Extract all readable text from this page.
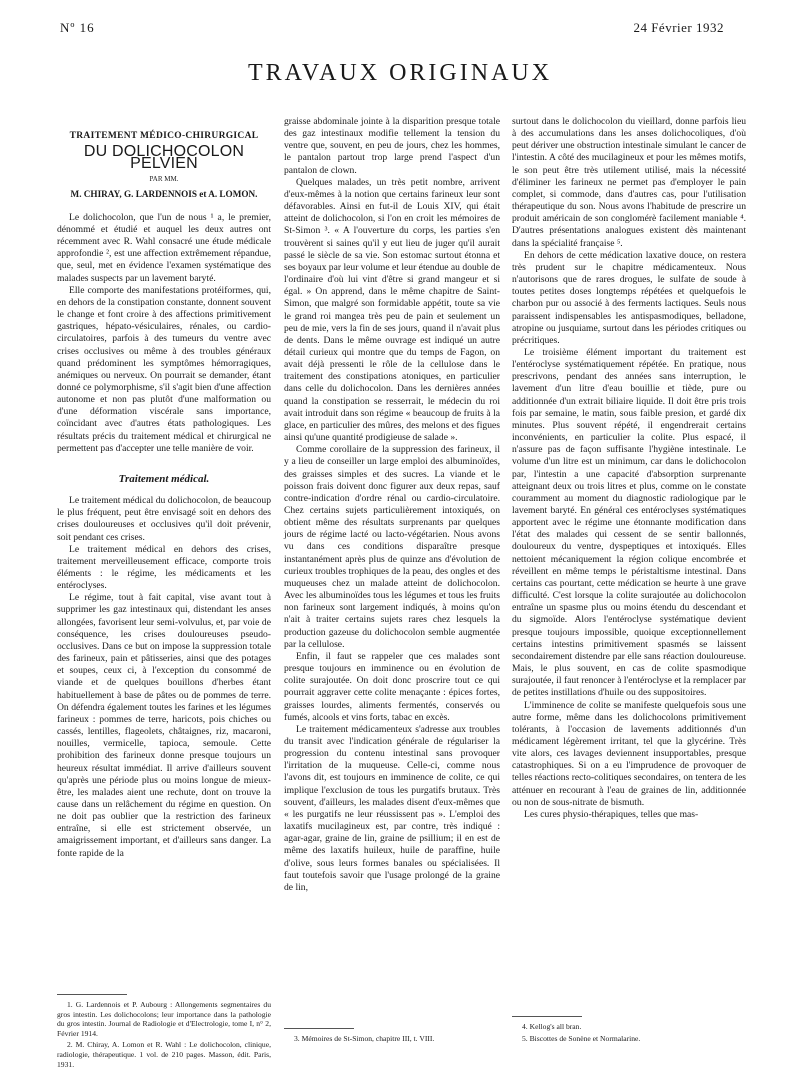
Nº 16	24 Février 1932
TRAVAUX ORIGINAUX

TRAITEMENT MÉDICO-CHIRURGICAL

DU DOLICHOCOLON PELVIEN

PAR MM.

M. CHIRAY, G. LARDENNOIS et A. LOMON.

Le dolichocolon, que l'un de nous ¹ a, le premier, dénommé et étudié et auquel les deux autres ont récemment avec R. Wahl consacré une étude médicale approfondie ², est une affection extrêmement répandue, que, seul, met en évidence l'examen systématique des malades suspects par un lavement baryté.

Elle comporte des manifestations protéiformes, qui, en dehors de la constipation constante, donnent souvent le change et font croire à des affections primitivement gastriques, hépato-vésiculaires, rénales, ou cardio-circulatoires, parfois à des tumeurs du ventre avec crises occlusives ou même à des troubles généraux quand prédominent les symptômes hémorragiques, anémiques ou nerveux. On pourrait se demander, étant donné ce polymorphisme, s'il s'agit bien d'une affection autonome et non pas plutôt d'une malformation ou d'une déformation viscérale sans importance, coïncidant avec d'autres états pathologiques. Les résultats précis du traitement médical et chirurgical ne permettent pas d'accepter une telle manière de voir.

Traitement médical.

Le traitement médical du dolichocolon, de beaucoup le plus fréquent, peut être envisagé soit en dehors des crises douloureuses et occlusives qu'il doit prévenir, soit pendant ces crises.

Le traitement médical en dehors des crises, traitement merveilleusement efficace, comporte trois éléments : le régime, les médicaments et les entéroclyses.

Le régime, tout à fait capital, vise avant tout à supprimer les gaz intestinaux qui, distendant les anses allongées, favorisent leur semi-volvulus, et, par voie de conséquence, les crises douloureuses pseudo-occlusives. Dans ce but on impose la suppression totale des farineux, pain et pâtisseries, ainsi que des potages et soupes, ceux ci, à l'exception du consommé de viande et de quelques bouillons d'herbes étant habituellement à base de pâtes ou de pommes de terre. On défendra également toutes les farines et les légumes farineux : pommes de terre, haricots, pois chiches ou cassés, lentilles, flageolets, châtaignes, riz, macaroni, nouilles, vermicelle, tapioca, semoule. Cette prohibition des farineux donne presque toujours un heureux résultat immédiat. Il arrive d'ailleurs souvent qu'après une période plus ou moins longue de mieux-être, les malades aient une rechute, dont on trouve la cause dans un relâchement du régime en question. On ne doit pas oublier que la restriction des farineux entraîne, si elle est strictement observée, un amaigrissement important, et d'ailleurs sans danger. La fonte rapide de la

graisse abdominale jointe à la disparition presque totale des gaz intestinaux modifie tellement la tension du ventre que, souvent, en peu de jours, chez les hommes, le pantalon partout trop large prend l'aspect d'un pantalon de clown.

Quelques malades, un très petit nombre, arrivent d'eux-mêmes à la notion que certains farineux leur sont défavorables. Ainsi en fut-il de Louis XIV, qui était atteint de dolichocolon, si l'on en croit les mémoires de St-Simon ³. « A l'ouverture du corps, les parties s'en trouvèrent si saines qu'il y eut lieu de juger qu'il aurait passé le siècle de sa vie. Son estomac surtout étonna et ses boyaux par leur volume et leur étendue au double de l'ordinaire d'où lui vint d'être si grand mangeur et si égal. » On apprend, dans le même chapitre de Saint-Simon, que malgré son formidable appétit, toute sa vie le grand roi mangea très peu de pain et seulement un peu de mie, vers la fin de ses jours, quand il n'avait plus de dents. Dans le même ouvrage est indiqué un autre détail curieux qui montre que du temps de Fagon, on avait déjà pressenti le rôle de la cellulose dans le traitement des constipations atoniques, en particulier dans celle du dolichocolon. Dans les dernières années quand la constipation se resserrait, le médecin du roi avait introduit dans son régime « beaucoup de fruits à la glace, en particulier des mûres, des melons et des figues ainsi qu'une quantité prodigieuse de salade ».

Comme corollaire de la suppression des farineux, il y a lieu de conseiller un large emploi des albuminoïdes, des graisses simples et des sucres. La viande et le poisson frais doivent donc figurer aux deux repas, sauf contre-indication d'ordre rénal ou cardio-circulatoire. Chez certains sujets particulièrement intoxiqués, on obtient même des résultats surprenants par quelques jours de régime lacté ou lacto-végétarien. Nous avons vu dans ces conditions disparaître presque instantanément après plus de quinze ans d'évolution de curieux troubles trophiques de la peau, des ongles et des muqueuses chez un malade atteint de dolichocolon. Avec les albuminoïdes tous les légumes et tous les fruits non farineux sont largement indiqués, à moins qu'on n'ait à traiter certains sujets rares chez lesquels la production gazeuse du dolichocolon semble augmentée par la cellulose.

Enfin, il faut se rappeler que ces malades sont presque toujours en imminence ou en évolution de colite surajoutée. On doit donc proscrire tout ce qui pourrait aggraver cette colite menaçante : épices fortes, graisses lourdes, aliments fermentés, conservés ou fumés, alcools et vins forts, tabac en excès.

Le traitement médicamenteux s'adresse aux troubles du transit avec l'indication générale de régulariser la progression du contenu intestinal sans provoquer l'irritation de la muqueuse. Celle-ci, comme nous l'avons dit, est toujours en imminence de colite, ce qui implique l'exclusion de tous les purgatifs brutaux. Très souvent, d'ailleurs, les malades disent d'eux-mêmes que « les purgatifs ne leur réussissent pas ». L'emploi des laxatifs mucilagineux est, par contre, très indiqué : agar-agar, graine de lin, graine de psillium; il en est de même des laxatifs huileux, huile de paraffine, huile d'olive, sous leurs formes banales ou spécialisées. Il faut toutefois savoir que l'usage prolongé de la graine de lin,

surtout dans le dolichocolon du vieillard, donne parfois lieu à des accumulations dans les anses dolichocoliques, d'où peut dériver une obstruction intestinale simulant le cancer de l'intestin. A côté des mucilagineux et pour les mêmes motifs, le son peut être très utilement utilisé, mais la nécessité d'éliminer les farineux ne permet pas d'employer le pain complet, si commode, dans d'autres cas, pour l'utilisation thérapeutique du son. Nous avons l'habitude de prescrire un produit américain de son conglomérè facilement maniable ⁴. D'autres présentations analogues existent dès maintenant dans la spécialité française ⁵.

En dehors de cette médication laxative douce, on restera très prudent sur le chapitre médicamenteux. Nous n'autorisons que de rares drogues, le sulfate de soude à toutes petites doses longtemps répétées et quelquefois le charbon pur ou associé à des ferments lactiques. Seuls nous paraissent indispensables les antispasmodiques, belladone, atropine ou jusquiame, surtout dans les périodes critiques ou précritiques.

Le troisième élément important du traitement est l'entéroclyse systématiquement répétée. En pratique, nous prescrivons, pendant des années sans interruption, le lavement d'un litre d'eau bouillie et tiède, pure ou additionnée d'un extrait biliaire liquide. Il doit être pris trois fois par semaine, le matin, sous faible presion, et gardé dix minutes. Plus souvent répété, il engendrerait certains inconvénients, en particulier la colite. Plus espacé, il n'assure pas de façon suffisante l'hygiène intestinale. Le volume d'un litre est un minimum, car dans le dolichocolon par, l'intestin a une capacité d'absorption surprenante atteignant deux ou trois litres et plus, comme on le constate couramment au moment du diagnostic radiologique par le lavement baryté. En général ces entéroclyses systématiques apportent avec le régime une étonnante modification dans l'état des malades qui cessent de se sentir ballonnés, douloureux du ventre, dyspeptiques et intoxiqués. Elles nettoient mécaniquement la région colique encombrée et réveillent en même temps le péristaltisme intestinal. Dans certains cas pourtant, cette médication se heurte à une grave difficulté. C'est lorsque la colite surajoutée au dolichocolon entraîne un spasme plus ou moins étendu du descendant et du sigmoïde. Alors l'entéroclyse systématique devient presque toujours impossible, quoique exceptionnellement certains intestins primitivement spasmés se laissent secondairement distendre par elle sans réaction douloureuse. Mais, le plus souvent, en cas de colite spasmodique surajoutée, il faut renoncer à l'entéroclyse et la remplacer par de petites instillations d'huile ou des suppositoires.

L'imminence de colite se manifeste quelquefois sous une autre forme, même dans les dolichocolons primitivement tolérants, à l'occasion de lavements additionnés d'un médicament légèrement irritant, tel que la glycérine. Très vite alors, ces lavages deviennent insupportables, presque catastrophiques. Si on a eu l'imprudence de provoquer de telles réactions recto-colitiques secondaires, on tentera de les atténuer en recourant à l'eau de graines de lin, additionnée ou non de sous-nitrate de bismuth.

Les cures physio-thérapiques, telles que mas-

1. G. Lardennois et P. Aubourg : Allongements segmentaires du gros intestin. Les dolichocolons; leur importance dans la pathologie du gros intestin. Journal de Radiologie et d'Electrologie, tome I, n° 2, Février 1914.

2. M. Chiray, A. Lomon et R. Wahl : Le dolichocolon, clinique, radiologie, thérapeutique. 1 vol. de 210 pages. Masson, édit. Paris, 1931.

3. Mémoires de St-Simon, chapitre III, t. VIII.

4. Kellog's all bran.

5. Biscottes de Sonène et Normalarine.
